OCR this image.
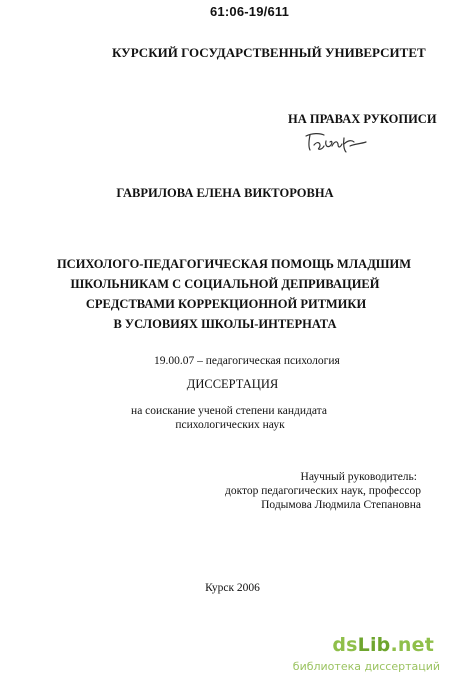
61:06-19/611
КУРСКИЙ ГОСУДАРСТВЕННЫЙ УНИВЕРСИТЕТ
НА ПРАВАХ РУКОПИСИ
ГАВРИЛОВА ЕЛЕНА ВИКТОРОВНА
ПСИХОЛОГО-ПЕДАГОГИЧЕСКАЯ ПОМОЩЬ МЛАДШИМ
ШКОЛЬНИКАМ С СОЦИАЛЬНОЙ ДЕПРИВАЦИЕЙ
СРЕДСТВАМИ КОРРЕКЦИОННОЙ РИТМИКИ
В УСЛОВИЯХ ШКОЛЫ-ИНТЕРНАТА
19.00.07 – педагогическая психология
ДИССЕРТАЦИЯ
на соискание ученой степени кандидата
психологических наук
Научный руководитель:
доктор педагогических наук, профессор
Подымова Людмила Степановна
Курск 2006
dsLib.net
библиотека диссертаций
